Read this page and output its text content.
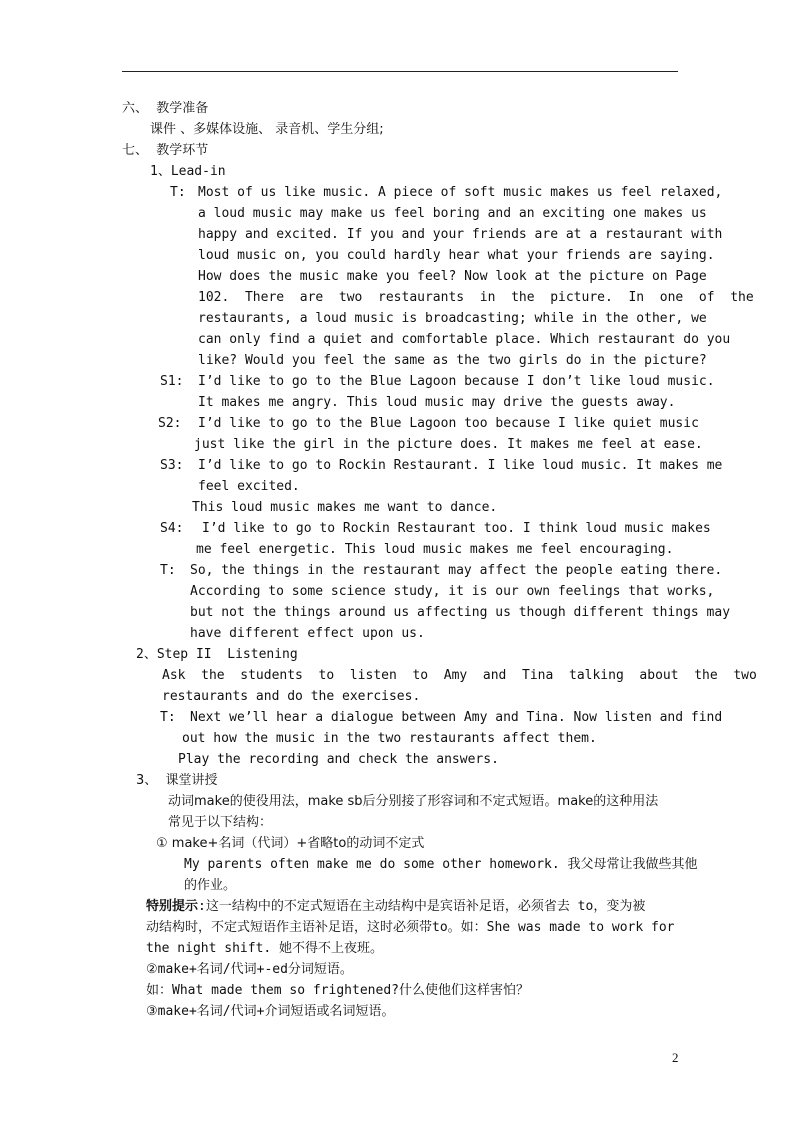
六、  教学准备
课件 、多媒体设施、 录音机、学生分组;
七、  教学环节
1、Lead-in
T: Most of us like music. A piece of soft music makes us feel relaxed,
a loud music may make us feel boring and an exciting one makes us
happy and excited. If you and your friends are at a restaurant with
loud music on, you could hardly hear what your friends are saying.
How does the music make you feel? Now look at the picture on Page
102.  There  are  two  restaurants  in  the  picture.  In  one  of  the
restaurants, a loud music is broadcasting; while in the other, we
can only find a quiet and comfortable place. Which restaurant do you
like? Would you feel the same as the two girls do in the picture?
S1: I’d like to go to the Blue Lagoon because I don’t like loud music.
It makes me angry. This loud music may drive the guests away.
S2: I’d like to go to the Blue Lagoon too because I like quiet music
just like the girl in the picture does. It makes me feel at ease.
S3: I’d like to go to Rockin Restaurant. I like loud music. It makes me
feel excited.
This loud music makes me want to dance.
S4: I’d like to go to Rockin Restaurant too. I think loud music makes
me feel energetic. This loud music makes me feel encouraging.
T: So, the things in the restaurant may affect the people eating there.
According to some science study, it is our own feelings that works,
but not the things around us affecting us though different things may
have different effect upon us.
2、Step II  Listening
Ask  the  students  to  listen  to  Amy  and  Tina  talking  about  the  two
restaurants and do the exercises.
T: Next we’ll hear a dialogue between Amy and Tina. Now listen and find
out how the music in the two restaurants affect them.
Play the recording and check the answers.
3、  课堂讲授
动词make的使役用法，make sb后分别接了形容词和不定式短语。make的这种用法
常见于以下结构：
① make+名词（代词）+省略to的动词不定式
My parents often make me do some other homework. 我父母常让我做些其他
的作业。
特别提示:这一结构中的不定式短语在主动结构中是宾语补足语，必须省去 to，变为被
动结构时，不定式短语作主语补足语，这时必须带to。如：She was made to work for
the night shift. 她不得不上夜班。
②make+名词/代词+-ed分词短语。
如：What made them so frightened?什么使他们这样害怕？
③make+名词/代词+介词短语或名词短语。
2
